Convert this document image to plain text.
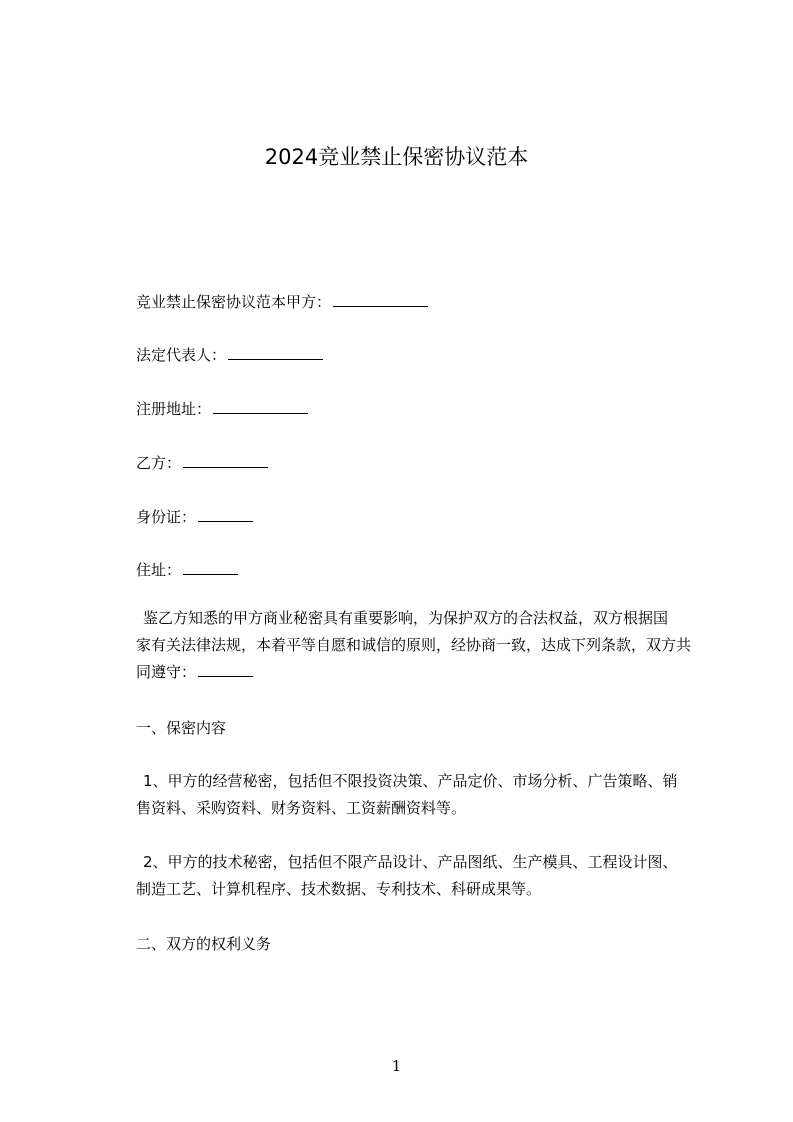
2024竞业禁止保密协议范本
竞业禁止保密协议范本甲方：
法定代表人：
注册地址：
乙方：
身份证：
住址：
鉴乙方知悉的甲方商业秘密具有重要影响，为保护双方的合法权益，双方根据国
家有关法律法规，本着平等自愿和诚信的原则，经协商一致，达成下列条款，双方共
同遵守：
一、保密内容
1、甲方的经营秘密，包括但不限投资决策、产品定价、市场分析、广告策略、销
售资料、采购资料、财务资料、工资薪酬资料等。
2、甲方的技术秘密，包括但不限产品设计、产品图纸、生产模具、工程设计图、
制造工艺、计算机程序、技术数据、专利技术、科研成果等。
二、双方的权利义务
1
